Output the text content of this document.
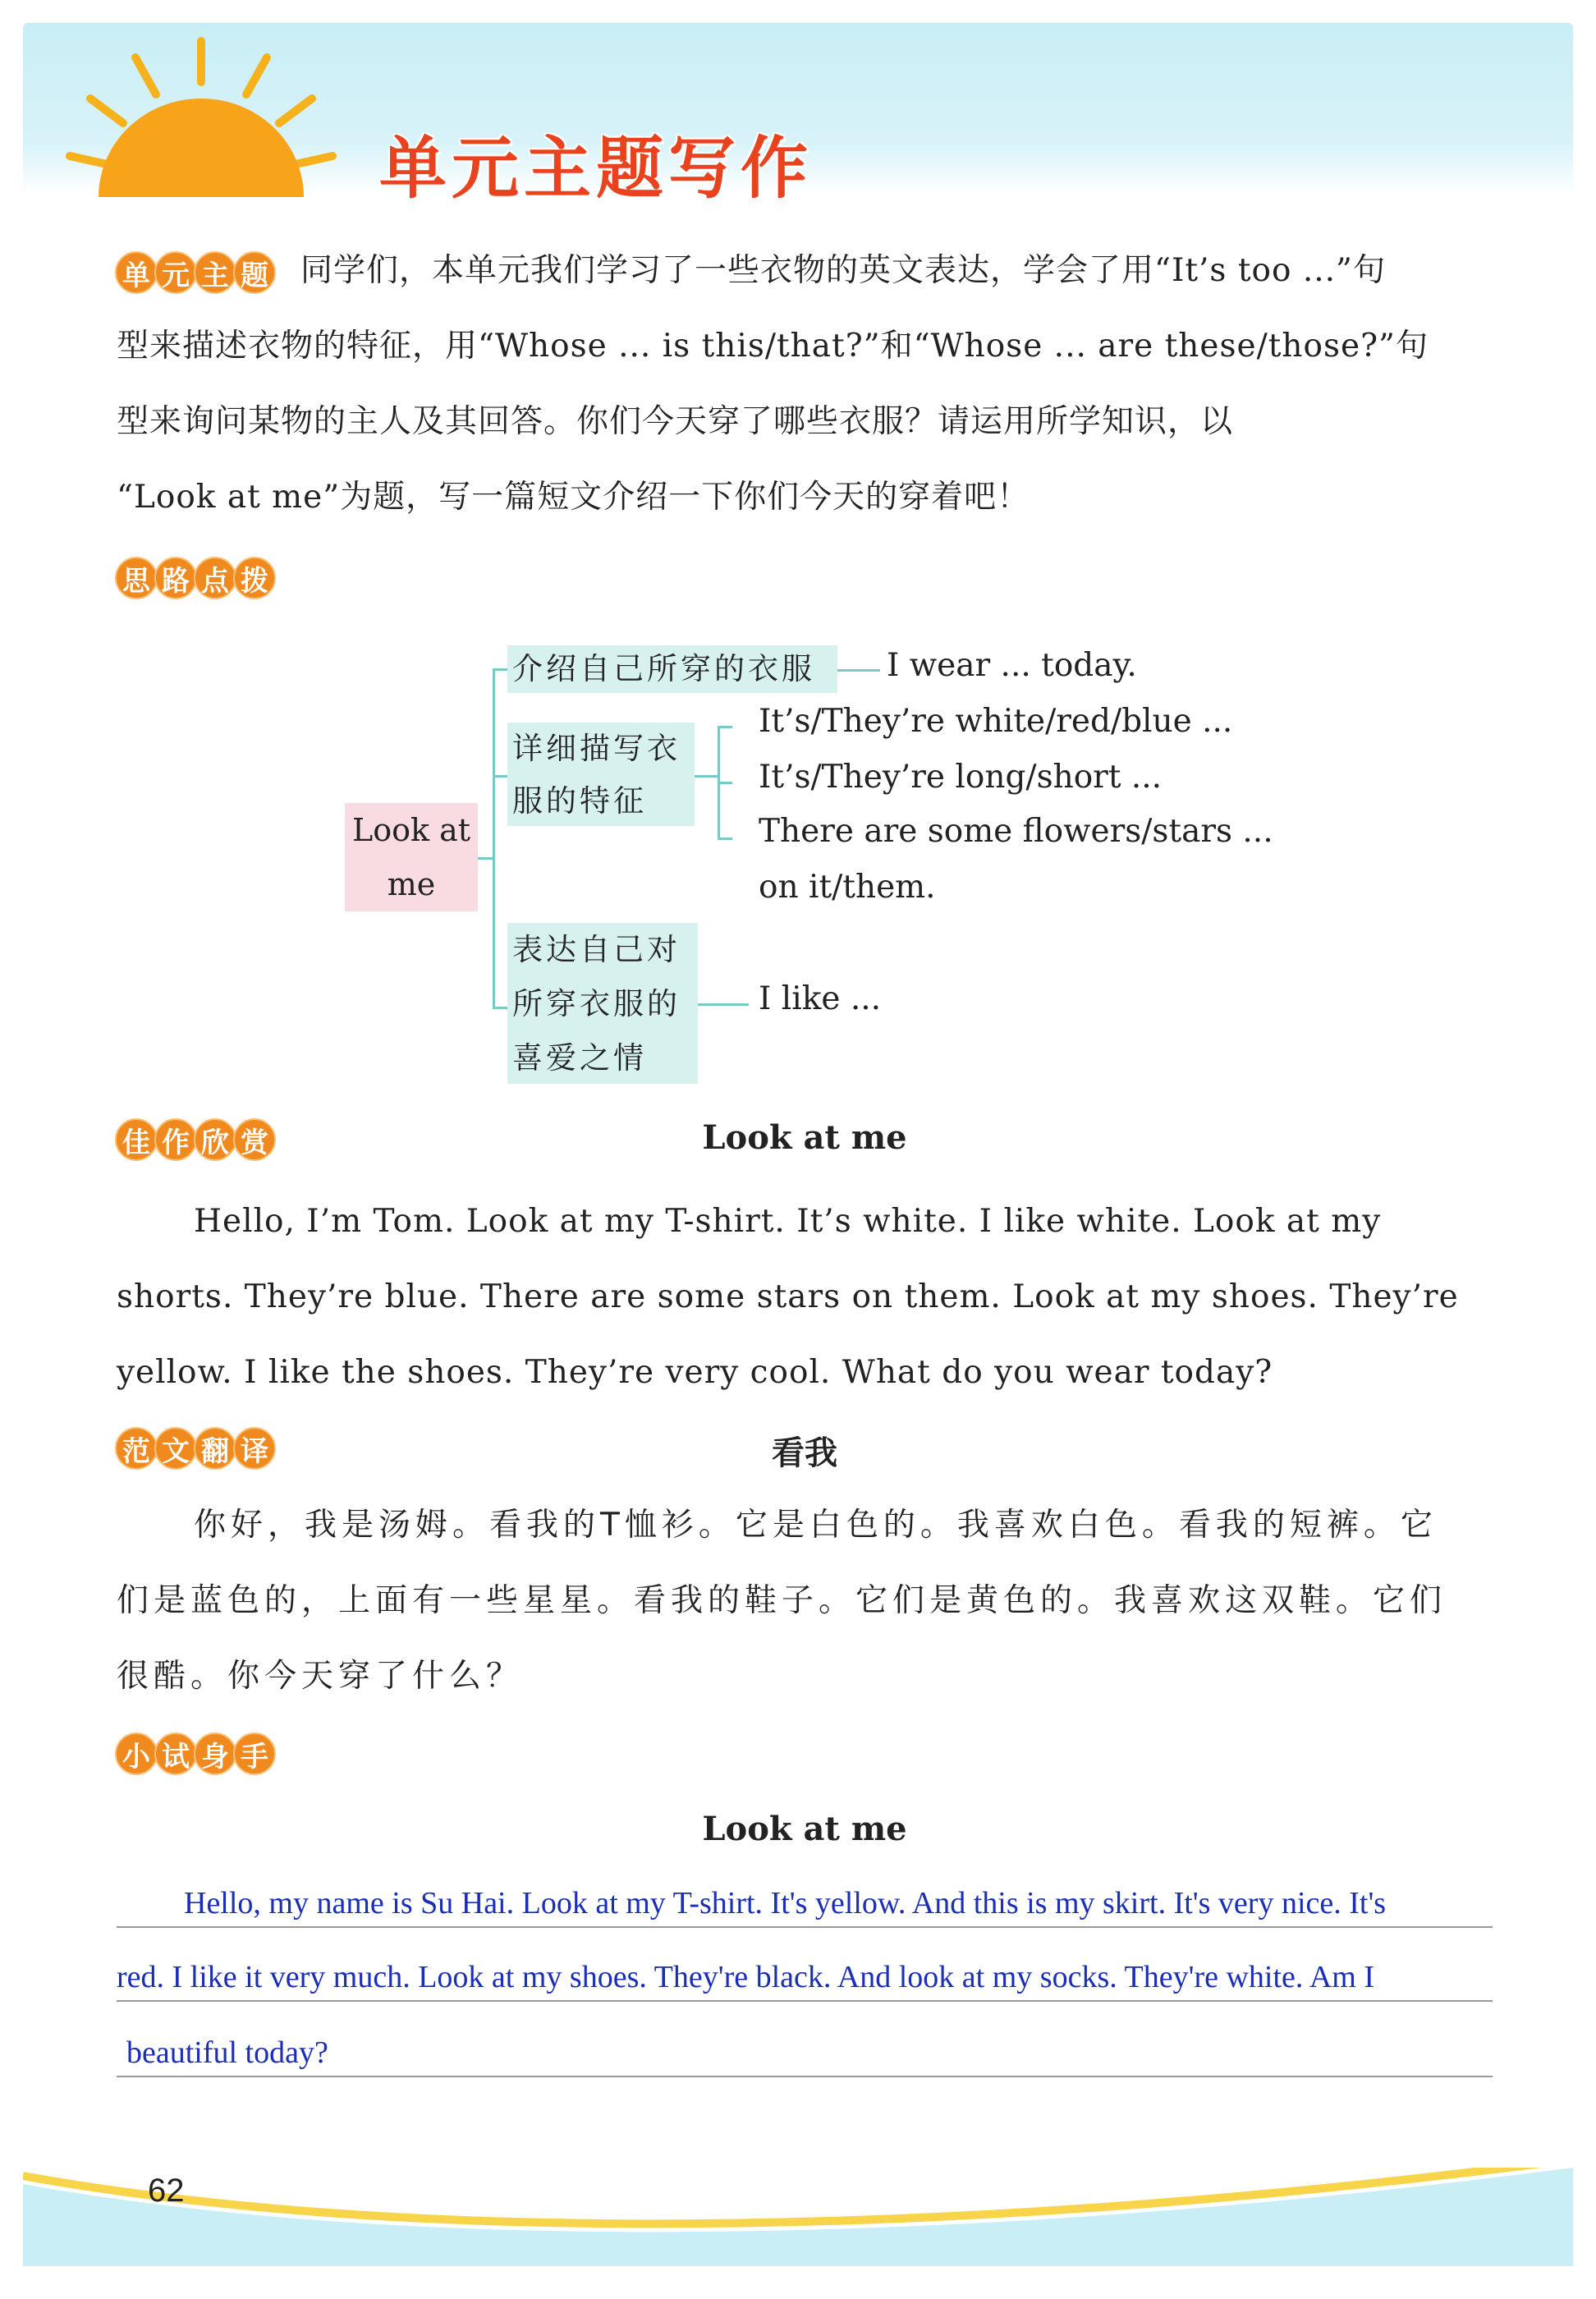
单元主题写作
单 元 主 题	同学们，本单元我们学习了一些衣物的英文表达，学会了用“It’s too ...”句
型来描述衣物的特征，用“Whose ... is this/that?”和“Whose ... are these/those?”句
型来询问某物的主人及其回答。你们今天穿了哪些衣服？请运用所学知识，以
“Look at me”为题，写一篇短文介绍一下你们今天的穿着吧！
思 路 点 拨
Look at
me
介绍自己所穿的衣服	I wear ... today.
详细描写衣
服的特征
It’s/They’re white/red/blue ...
It’s/They’re long/short ...
There are some flowers/stars ...
on it/them.
表达自己对
所穿衣服的
喜爱之情
I like ...
佳 作 欣 赏	Look at me
Hello, I’m Tom. Look at my T-shirt. It’s white. I like white. Look at my
shorts. They’re blue. There are some stars on them. Look at my shoes. They’re
yellow. I like the shoes. They’re very cool. What do you wear today?
范 文 翻 译	看我
你好，我是汤姆。看我的T恤衫。它是白色的。我喜欢白色。看我的短裤。它
们是蓝色的，上面有一些星星。看我的鞋子。它们是黄色的。我喜欢这双鞋。它们
很酷。你今天穿了什么？
小 试 身 手
Look at me
Hello, my name is Su Hai. Look at my T-shirt. It's yellow. And this is my skirt. It's very nice. It's
red. I like it very much. Look at my shoes. They're black. And look at my socks. They're white. Am I
beautiful today?
62
